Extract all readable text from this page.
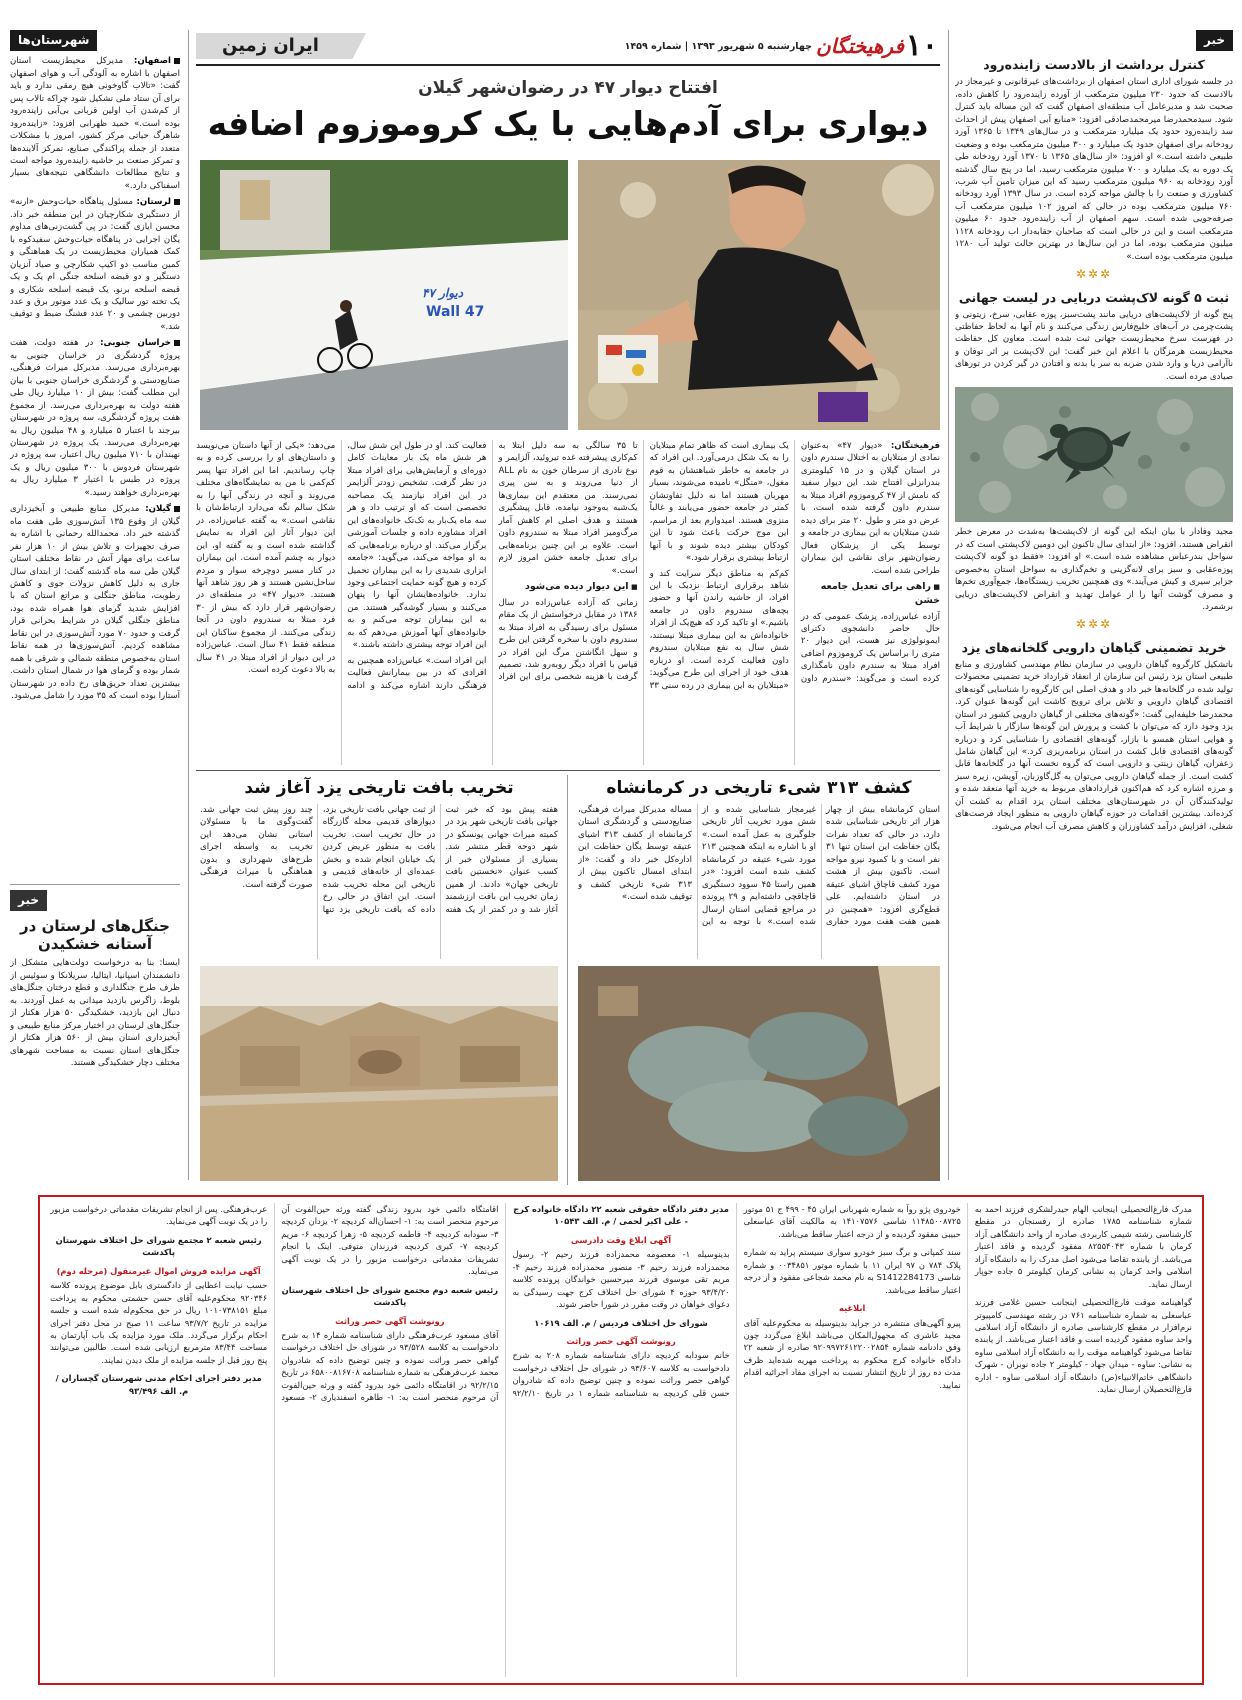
ایران زمین	چهارشنبه ۵ شهریور ۱۳۹۳ | شماره ۱۴۵۹ فرهیختگان ۱۰
شهرستان‌ها
اصفهان: مدیرکل محیط‌زیست استان اصفهان با اشاره به آلودگی آب و هوای اصفهان گفت: «تالاب گاوخونی هیچ رمقی ندارد و باید برای آن ستاد ملی تشکیل شود چراکه تالاب پس از کم‌شدن آب اولین قربانی بی‌آبی زاینده‌رود بوده است.» حمید ظهرابی افزود: «زاینده‌رود شاهرگ حیاتی مرکز کشور، امروز با مشکلات متعدد از جمله پراکندگی صنایع، تمرکز آلاینده‌ها و تمرکز صنعت بر حاشیه زاینده‌رود مواجه است و نتایج مطالعات دانشگاهی نتیجه‌های بسیار اسفناکی دارد.»
لرستان: مسئول پناهگاه حیات‌وحش «ارنه» از دستگیری شکارچیان در این منطقه خبر داد. محسن ایازی گفت: در پی گشت‌زنی‌های مداوم یگان اجرایی در پناهگاه حیات‌وحش سفیدکوه با کمک همیاران محیط‌زیست در یک هماهنگی و کمین مناسب دو اکیپ شکارچی و صیاد آنزیان دستگیر و دو قبضه اسلحه جنگی ام یک و یک قبضه اسلحه برنو، یک قبضه اسلحه شکاری و یک تخته تور سالیک و یک عدد موتور برق و عدد دوربین چشمی و ۲۰ عدد فشنگ ضبط و توقیف شد.»
خراسان جنوبی: در هفته دولت، هفت پروژه گردشگری در خراسان جنوبی به بهره‌برداری می‌رسد. مدیرکل میراث فرهنگی، صنایع‌دستی و گردشگری خراسان جنوبی با بیان این مطلب گفت: بیش از ۱۰ میلیارد ریال طی هفته دولت به بهره‌برداری می‌رسد. از مجموع هفت پروژه گردشگری، سه پروژه در شهرستان بیرجند با اعتبار ۵ میلیارد و ۴۸ میلیون ریال به بهره‌برداری می‌رسد. یک پروژه در شهرستان نهبندان با ۷۱۰ میلیون ریال اعتبار، سه پروژه در شهرستان فردوس با ۳۰۰ میلیون ریال و یک پروژه در طبس با اعتبار ۳ میلیارد ریال به بهره‌برداری خواهند رسید.»
گیلان: مدیرکل منابع طبیعی و آبخیزداری گیلان از وقوع ۱۳۵ آتش‌سوزی طی هفت ماه گذشته خبر داد. محمدالله رحمانی با اشاره به صرف تجهیزات و تلاش بیش از ۱۰ هزار نفر ساعت برای مهار آتش در نقاط مختلف استان گیلان طی سه ماه گذشته گفت: از ابتدای سال جاری به دلیل کاهش نزولات جوی و کاهش رطوبت، مناطق جنگلی و مراتع استان که با افزایش شدید گرمای هوا همراه شده بود، مناطق جنگلی گیلان در شرایط بحرانی قرار گرفت و حدود ۷۰ مورد آتش‌سوزی در این نقاط مشاهده کردیم. آتش‌سوزی‌ها در همه نقاط استان به‌خصوص منطقه شمالی و شرقی با همه شمار بوده و گرمای هوا در شمال استان داشت. بیشترین تعداد حریق‌های رخ داده در شهرستان آستارا بوده است که ۳۵ مورد را شامل می‌شود.
خبر
جنگل‌های لرستان در آستانه خشکیدن

ایسنا: بنا به درخواست دولت‌هایی متشکل از دانشمندان اسپانیا، ایتالیا، سریلانکا و سوئیس از ظرف طرح جنگلداری و قطع درختان جنگل‌های بلوط، زاگرس بازدید میدانی به عمل آوردند. به دنبال این بازدید، خشکیدگی ۵۰ هزار هکتار از جنگل‌های لرستان در اختیار مرکز منابع طبیعی و آبخیزداری استان بیش از ۵۶۰ هزار هکتار از جنگل‌های استان نسبت به مساحت شهرهای مختلف دچار خشکیدگی هستند.

خبر
کنترل برداشت از بالادست زاینده‌رود

در جلسه شورای اداری استان اصفهان از برداشت‌های غیرقانونی و غیرمجاز در بالادست که حدود ۲۳۰ میلیون مترمکعب از آورده زاینده‌رود را کاهش داده، صحبت شد و مدیرعامل آب منطقه‌ای اصفهان گفت که این مساله باید کنترل شود. سید‌محمدرضا میرمحمدصادقی افزود: «منابع آبی اصفهان پیش از احداث سد زاینده‌رود حدود یک میلیارد مترمکعب و در سال‌های ۱۳۴۹ تا ۱۳۶۵ آورد رودخانه برای اصفهان حدود یک میلیارد و ۳۰۰ میلیون مترمکعب بوده و وضعیت طبیعی داشته است.» او افزود: «از سال‌های ۱۳۶۵ تا ۱۳۷۰ آورد رودخانه طی یک دوره به یک میلیارد و ۷۰۰ میلیون مترمکعب رسید، اما در پنج سال گذشته آورد رودخانه به ۹۶۰ میلیون مترمکعب رسید که این میزان تامین آب شرب، کشاورزی و صنعت را با چالش مواجه کرده است. در سال ۱۳۹۳ آورد رودخانه ۷۶۰ میلیون مترمکعب بوده در حالی که امروز ۱۰۲ میلیون مترمکعب آب صرفه‌جویی شده است. سهم اصفهان از آب زاینده‌رود حدود ۶۰ میلیون مترمکعب است و این در حالی است که صاحبان حقابه‌دار اب رودخانه ۱۱۲۸ میلیون مترمکعب بوده، اما در این سال‌ها در بهترین حالت تولید آب ۱۲۸۰ میلیون مترمکعب بوده است.»

✲✲✲
ثبت ۵ گونه لاک‌پشت دریایی در لیست جهانی

پنج گونه از لاک‌پشت‌های دریایی مانند پشت‌سبز، پوزه عقابی، سرخ، زیتونی و پشت‌چرمی در آب‌های خلیج‌فارس زندگی می‌کنند و نام آنها به لحاظ حفاظتی در فهرست سرخ محیط‌زیست جهانی ثبت شده است. معاون کل حفاظت محیط‌زیست هرمزگان با اعلام این خبر گفت: این لاک‌پشت بر اثر توفان و ناآرامی دریا و وارد شدن ضربه به سر یا بدنه و افتادن در گیر کردن در تورهای صیادی مرده است.

مجید وفادار با بیان اینکه این گونه از لاک‌پشت‌ها به‌شدت در معرض خطر انقراض هستند، افزود: «از ابتدای سال تاکنون این دومین لاک‌پشتی است که در سواحل بندرعباس مشاهده شده است.» او افزود: «فقط دو گونه لاک‌پشت پوزه‌عقابی و سبز برای لانه‌گزینی و تخم‌گذاری به سواحل استان به‌خصوص جزایر سیری و کیش می‌آیند.» وی همچنین تخریب زیستگاه‌ها، جمع‌آوری تخم‌ها و مصرف گوشت آنها را از عوامل تهدید و انقراض لاک‌پشت‌های دریایی برشمرد.

✲✲✲
خرید تضمینی گیاهان دارویی گلخانه‌های یزد

باتشکیل کارگروه گیاهان دارویی در سازمان نظام مهندسی کشاورزی و منابع طبیعی استان یزد رئیس این سازمان از انعقاد قرارداد خرید تضمینی محصولات تولید شده در گلخانه‌ها خبر داد و هدف اصلی این کارگروه را شناسایی گونه‌های اقتصادی گیاهان دارویی و تلاش برای ترویج کاشت این گونه‌ها عنوان کرد. محمدرضا خلیفه‌ایی گفت: «گونه‌های مختلفی از گیاهان دارویی کشور در استان یزد وجود دارد که می‌توان با کشت و پرورش این گونه‌ها سازگار با شرایط آب و هوایی استان همسو با بازار، گونه‌های اقتصادی را شناسایی کرد و درباره گونه‌های اقتصادی قابل کشت در استان برنامه‌ریزی کرد.» این گیاهان شامل زعفران، گیاهان زینتی و دارویی است که گروه نخست آنها در گلخانه‌ها قابل کشت است. از جمله گیاهان دارویی می‌توان به گل‌گاوزبان، آویشن، زیره سبز و مرزه اشاره کرد که هم‌اکنون قراردادهای مربوط به خرید آنها منعقد شده و تولیدکنندگان آن در شهرستان‌های مختلف استان یزد اقدام به کشت آن کرده‌اند. بیشترین اقدامات در حوزه گیاهان دارویی به منظور ایجاد فرصت‌های شغلی، افزایش درآمد کشاورزان و کاهش مصرف آب انجام می‌شود.

افتتاح دیوار ۴۷ در رضوان‌شهر گیلان
دیواری برای آدم‌هایی با یک کروموزوم اضافه
دیوار ۴۷
Wall 47

فرهیختگان: «دیوار ۴۷» به‌عنوان نمادی از مبتلایان به اختلال سندرم داون در استان گیلان و در ۱۵ کیلومتری بندرانزلی افتتاح شد. این دیوار سفید که نامش از ۴۷ کروموزوم افراد مبتلا به سندرم داون گرفته شده است، با عرض دو متر و طول ۲۰ متر برای دیده شدن مبتلایان به این بیماری در جامعه و توسط یکی از پزشکان فعال رضوان‌شهر برای نقاشی این بیماران طراحی شده است.

■ راهی برای تعدیل جامعه خشن

آزاده عباس‌زاده، پزشک عمومی که در حال حاضر دانشجوی دکترای ایمونولوژی نیز هست، این دیوار ۲۰ متری را براساس یک کروموزوم اضافی افراد مبتلا به سندرم داون نامگذاری کرده است و می‌گوید: «سندرم داون یک بیماری است که ظاهر تمام مبتلایان را به یک شکل درمی‌آورد. این افراد که در جامعه به خاطر شباهتشان به قوم مغول، «منگل» نامیده می‌شوند، بسیار مهربان هستند اما نه دلیل تفاوتشان کمتر در جامعه حضور می‌یابند و غالباً منزوی هستند. امیدوارم بعد از مراسم، این موج حرکت باعث شود تا این کودکان بیشتر دیده شوند و با آنها ارتباط بیشتری برقرار شود.»

کم‌کم به مناطق دیگر سرایت کند و شاهد برقراری ارتباط نزدیک با این افراد، از حاشیه راندن آنها و حضور بچه‌های سندروم داون در جامعه باشیم.» او تاکید کرد که هیچ‌یک از افراد خانواده‌اش به این بیماری مبتلا نیستند، شش سال به نفع مبتلایان سندروم داون فعالیت کرده است. او درباره هدف خود از اجرای این طرح می‌گوید: «مبتلایان به این بیماری در رده سنی ۳۳ تا ۳۵ سالگی به سه دلیل ابتلا به کم‌کاری پیشرفته غده تیروئید، آلزایمر و نوع نادری از سرطان خون به نام ALL از دنیا می‌روند و به سن پیری نمی‌رسند. من معتقدم این بیماری‌ها یک‌شبه به‌وجود نیامده، قابل پیشگیری هستند و هدف اصلی ام کاهش آمار مرگ‌ومیر افراد مبتلا به سندروم داون است. علاوه بر این چنین برنامه‌هایی برای تعدیل جامعه خشن امروز لازم است.»

■ این دیوار دیده می‌شود

زمانی که آزاده عباس‌زاده در سال ۱۳۸۶ در مقابل درخواستش از یک مقام مسئول برای رسیدگی به افراد مبتلا به سندروم داون با سخره گرفتن این طرح و سهل انگاشتن مرگ این افراد در قیاس با افراد دیگر روبه‌رو شد، تصمیم گرفت با هزینه شخصی برای این افراد فعالیت کند. او در طول این شش سال، هر شش ماه یک بار معاینات کامل دوره‌ای و آزمایش‌هایی برای افراد مبتلا در نظر گرفت. تشخیص زودتر آلزایمر در این افراد نیازمند یک مصاحبه تخصصی است که او ترتیب داد و هر سه ماه یک‌بار به تک‌تک خانواده‌های این افراد مشاوره داده و جلسات آموزشی برگزار می‌کند. او درباره برنامه‌هایی که به او مواجه می‌کند، می‌گوید: «جامعه ابزاری شدیدی را به این بیماران تحمیل کرده و هیچ گونه حمایت اجتماعی وجود ندارد. خانواده‌هایشان آنها را پنهان می‌کنند و بسیار گوشه‌گیر هستند. من به این بیماران توجه می‌کنم و به خانواده‌های آنها آموزش می‌دهم که به این افراد توجه بیشتری داشته باشند.»

این افراد است.» عباس‌زاده همچنین به افرادی که در بین بیمارانش فعالیت فرهنگی دارند اشاره می‌کند و ادامه می‌دهد: «یکی از آنها داستان می‌نویسد و داستان‌های او را بررسی کرده و به چاپ رساندیم. اما این افراد تنها پسر کم‌کمی با من به نمایشگاه‌های مختلف می‌روند و آنچه در زندگی آنها را به شکل سالم نگه می‌دارد ارتباط‌شان با نقاشی است.» به گفته عباس‌زاده، در این دیوار آثار این افراد به نمایش گذاشته شده است و به گفته او، این دیوار به چشم آمده است. این بیماران در کنار مسیر دوچرخه سوار و مردم ساحل‌نشین هستند و هر روز شاهد آنها هستند. «دیوار ۴۷» در منطقه‌ای در رضوان‌شهر قرار دارد که بیش از ۳۰ فرد مبتلا به سندروم داون در آنجا زندگی می‌کنند. از مجموع ساکنان این منطقه فقط ۴۱ سال است. عباس‌زاده در این دیوار از افراد مبتلا در ۴۱ سال به بالا دعوت کرده است.

کشف ۳۱۳ شیء تاریخی در کرمانشاه

استان کرمانشاه بیش از چهار هزار اثر تاریخی شناسایی شده دارد، در حالی که تعداد نفرات یگان حفاظت این استان تنها ۳۱ نفر است و با کمبود نیرو مواجه است. تاکنون بیش از هشت مورد کشف قاچاق اشیای عتیقه در استان داشته‌ایم. علی قطع‌گری افزود: «همچنین در همین هفت هفت مورد حفاری غیرمجاز شناسایی شده و از شش مورد تخریب آثار تاریخی جلوگیری به عمل آمده است.» او با اشاره به اینکه همچنین ۲۱۳ مورد شیء عتیقه در کرمانشاه کشف شده است افزود: «در همین راستا ۴۵ سوود دستگیری قاچاقچی داشته‌ایم و ۲۹ پرونده در مراجع قضایی استان ارسال شده است.» با توجه به این مساله مدیرکل میراث فرهنگی، صنایع‌دستی و گردشگری استان کرمانشاه از کشف ۳۱۳ اشیای عتیقه توسط یگان حفاظت این اداره‌کل خبر داد و گفت: «از ابتدای امسال تاکنون بیش از ۳۱۳ شیء تاریخی کشف و توقیف شده است.»

تخریب بافت تاریخی یزد آغاز شد

هفته پیش بود که خبر ثبت جهانی بافت تاریخی شهر یزد در کمیته میراث جهانی یونسکو در شهر دوحه قطر منتشر شد. بسیاری از مسئولان خبر از کسب عنوان «نخستین بافت تاریخی جهان» دادند. از همین زمان تخریب این بافت ارزشمند آغاز شد و در کمتر از یک هفته از ثبت جهانی بافت تاریخی یزد، دیوارهای قدیمی محله گازرگاه در حال تخریب است. تخریب بافت به منظور عریض کردن یک خیابان انجام شده و بخش عمده‌ای از خانه‌های قدیمی و تاریخی این محله تخریب شده است. این اتفاق در حالی رخ داده که بافت تاریخی یزد تنها چند روز پیش ثبت جهانی شد. گفت‌وگوی ما با مسئولان استانی نشان می‌دهد این تخریب به واسطه اجرای طرح‌های شهرداری و بدون هماهنگی با میراث فرهنگی صورت گرفته است.

مدرک فارغ‌التحصیلی اینجانب الهام حیدرلشکری فرزند احمد به شماره شناسنامه ۱۷۸۵ صادره از رفسنجان در مقطع کارشناسی رشته شیمی کاربردی صادره از واحد دانشگاهی آزاد کرمان با شماره ۸۲۵۵۴۰۴۳ مفقود گردیده و فاقد اعتبار می‌باشد. از یابنده تقاضا می‌شود اصل مدرک را به دانشگاه آزاد اسلامی واحد کرمان به نشانی کرمان کیلومتر ۵ جاده جوپار ارسال نماید.
گواهینامه موقت فارغ‌التحصیلی اینجانب حسین غلامی فرزند عباسعلی به شماره شناسنامه ۷۶۱ در رشته مهندسی کامپیوتر نرم‌افزار در مقطع کارشناسی صادره از دانشگاه آزاد اسلامی واحد ساوه مفقود گردیده است و فاقد اعتبار می‌باشد. از یابنده تقاضا می‌شود گواهینامه موقت را به دانشگاه آزاد اسلامی ساوه به نشانی: ساوه - میدان جهاد - کیلومتر ۲ جاده نوبران - شهرک دانشگاهی خاتم‌الانبیاء(ص) دانشگاه آزاد اسلامی ساوه - اداره فارغ‌التحصیلان ارسال نماید.
خودروی پژو روآ به شماره شهربانی ایران ۴۵ - ۴۹۹ ج ۵۱ موتور ۱۱۴۸۵۰۰۸۷۲۵ شاسی ۱۴۱۰۷۵۷۶ به مالکیت آقای عباسعلی حبیبی مفقود گردیده و از درجه اعتبار ساقط می‌باشد.
سند کمپانی و برگ سبز خودرو سواری سیستم پراید به شماره پلاک ۷۸۴ ن ۹۷ ایران ۱۱ با شماره موتور ۰۰۳۴۸۵۱ و شماره شاسی S1412284173 به نام محمد شجاعی مفقود و از درجه اعتبار ساقط می‌باشد.
ابلاغیه
پیرو آگهی‌های منتشره در جراید بدینوسیله به محکوم‌علیه آقای مجید عاشری که مجهول‌المکان می‌باشد ابلاغ می‌گردد چون وفق دادنامه شماره ۹۲۰۹۹۷۲۶۱۲۲۰۰۲۸۵۴ صادره از شعبه ۲۲ دادگاه خانواده کرج محکوم به پرداخت مهریه شده‌اید ظرف مدت ده روز از تاریخ انتشار نسبت به اجرای مفاد اجرائیه اقدام نمایید.
مدیر دفتر دادگاه حقوقی شعبه ۲۲ دادگاه خانواده کرج - علی اکبر لحمی / م. الف ۱۰۵۴۳
آگهی ابلاغ وقت دادرسی
بدینوسیله ۱- معصومه محمدزاده فرزند رحیم ۲- رسول محمدزاده فرزند رحیم ۳- منصور محمدزاده فرزند رحیم ۴- مریم تقی موسوی فرزند میرحسین خواندگان پرونده کلاسه ۹۳/۴/۲۰ حوزه ۴ شورای حل اختلاف کرج جهت رسیدگی به دعوای خواهان در وقت مقرر در شورا حاضر شوند.
شورای حل اختلاف فردیس / م. الف ۱۰۶۱۹
رونوشت آگهی حصر وراثت
خانم سودابه کردیچه دارای شناسنامه شماره ۲۰۸ به شرح دادخواست به کلاسه ۹۳/۶۰۷ در شورای حل اختلاف درخواست گواهی حصر وراثت نموده و چنین توضیح داده که شادروان حسن قلی کردیچه به شناسنامه شماره ۱ در تاریخ ۹۲/۲/۱۰ اقامتگاه دائمی خود بدرود زندگی گفته ورثه حین‌الفوت آن مرحوم منحصر است به: ۱- احسان‌اله کردیچه ۲- یزدان کردیچه ۳- سودابه کردیچه ۴- فاطمه کردیچه ۵- زهرا کردیچه ۶- مریم کردیچه ۷- کبری کردیچه فرزندان متوفی. اینک با انجام تشریفات مقدماتی درخواست مزبور را در یک نوبت آگهی می‌نماید.
رئیس شعبه دوم مجتمع شورای حل اختلاف شهرستان پاکدشت
رونوشت آگهی حصر وراثت
آقای مسعود عرب‌فرهنگی دارای شناسنامه شماره ۱۴ به شرح دادخواست به کلاسه ۹۳/۵۲۸ در شورای حل اختلاف درخواست گواهی حصر وراثت نموده و چنین توضیح داده که شادروان محمد عرب‌فرهنگی به شماره شناسنامه ۶۵۸۰۰۸۱۶۷۰۸ در تاریخ ۹۲/۲/۱۵ در اقامتگاه دائمی خود بدرود گفته و ورثه حین‌الفوت آن مرحوم منحصر است به: ۱- طاهره اسفندیاری ۲- مسعود عرب‌فرهنگی. پس از انجام تشریفات مقدماتی درخواست مزبور را در یک نوبت آگهی می‌نماید.
رئیس شعبه ۲ مجتمع شورای حل اختلاف شهرستان پاکدشت
آگهی مزایده فروش اموال غیرمنقول (مرحله دوم)
حسب نیابت اعطایی از دادگستری بابل موضوع پرونده کلاسه ۹۲۰۳۴۶ محکوم‌علیه آقای حسن حشمتی محکوم به پرداخت مبلغ ۱۰۱۰۷۳۸۱۵۱ ریال در حق محکوم‌له شده است و جلسه مزایده در تاریخ ۹۳/۷/۲ ساعت ۱۱ صبح در محل دفتر اجرای احکام برگزار می‌گردد. ملک مورد مزایده یک باب آپارتمان به مساحت ۸۳/۴۴ مترمربع ارزیابی شده است. طالبین می‌توانند پنج روز قبل از جلسه مزایده از ملک دیدن نمایند.
مدیر دفتر اجرای احکام مدنی شهرستان گچساران / م. الف ۹۳/۴۹۶
